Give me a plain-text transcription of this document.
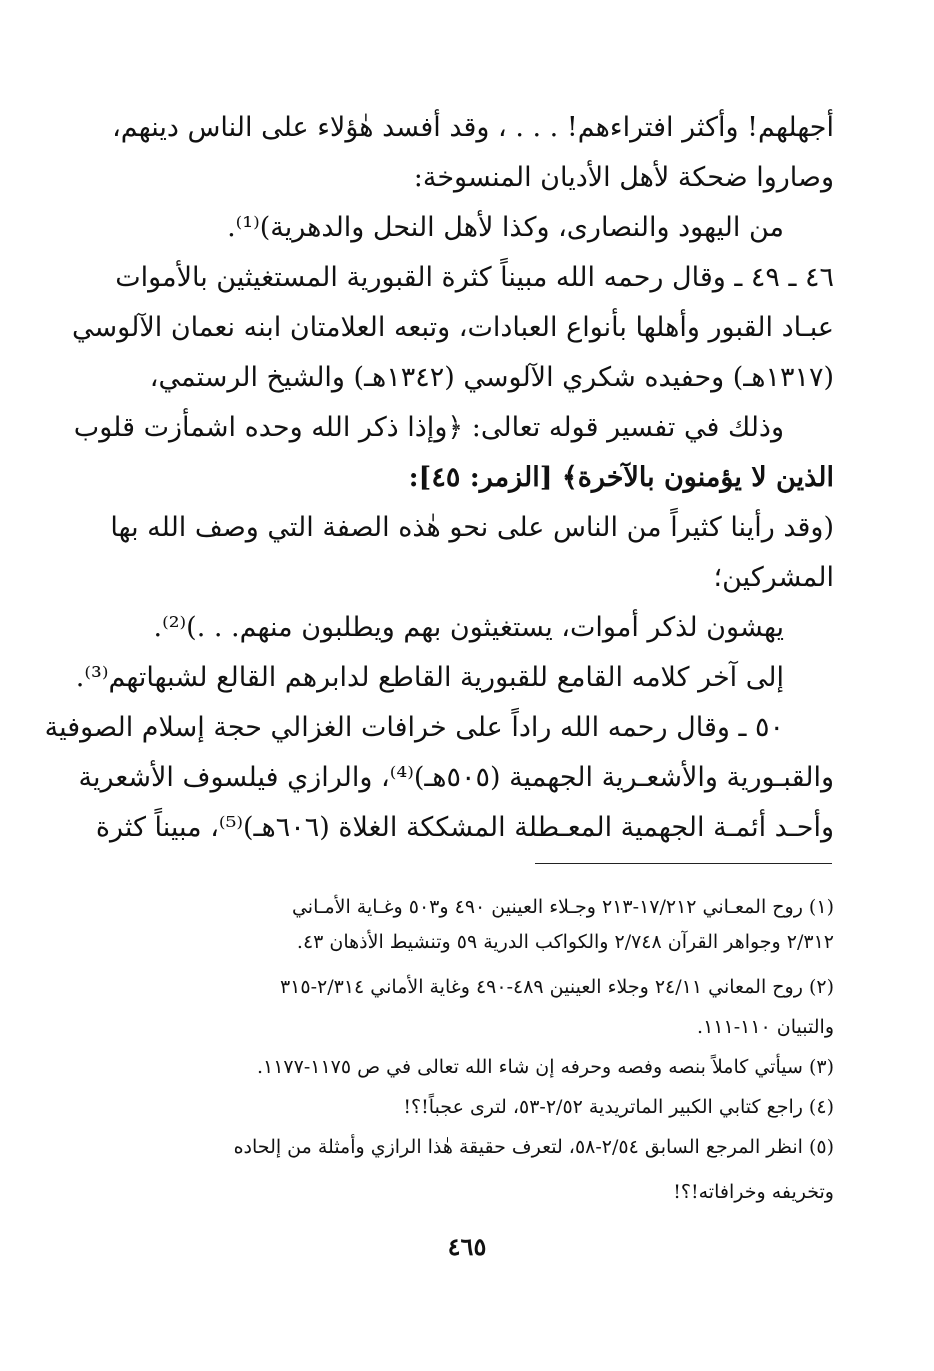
أجهلهم! وأكثر افتراءهم! . . . ، وقد أفسد هٰؤلاء على الناس دينهم،
وصاروا ضحكة لأهل الأديان المنسوخة:
من اليهود والنصارى، وكذا لأهل النحل والدهرية)⁽¹⁾.
٤٦ ـ ٤٩ ـ وقال رحمه الله مبيناً كثرة القبورية المستغيثين بالأموات
عبـاد القبور وأهلها بأنواع العبادات، وتبعه العلامتان ابنه نعمان الآلوسي
(١٣١٧هـ) وحفيده شكري الآلوسي (١٣٤٢هـ) والشيخ الرستمي،
وذلك في تفسير قوله تعالى: ﴿وإذا ذكر الله وحده اشمأزت قلوب
الذين لا يؤمنون بالآخرة﴾ [الزمر: ٤٥]:
(وقد رأينا كثيراً من الناس على نحو هٰذه الصفة التي وصف الله بها
المشركين؛
يهشون لذكر أموات، يستغيثون بهم ويطلبون منهم. . .)⁽²⁾.
إلى آخر كلامه القامع للقبورية القاطع لدابرهم القالع لشبهاتهم⁽³⁾.
٥٠ ـ وقال رحمه الله راداً على خرافات الغزالي حجة إسلام الصوفية
والقبـورية والأشعـرية الجهمية (٥٠٥هـ)⁽⁴⁾، والرازي فيلسوف الأشعرية
وأحـد أئمـة الجهمية المعـطلة المشككة الغلاة (٦٠٦هـ)⁽⁵⁾، مبيناً كثرة
(١) روح المعـاني ١٧/٢١٢-٢١٣ وجـلاء العينين ٤٩٠ و٥٠٣ وغـاية الأمـاني
٢/٣١٢ وجواهر القرآن ٢/٧٤٨ والكواكب الدرية ٥٩ وتنشيط الأذهان ٤٣.
(٢) روح المعاني ٢٤/١١ وجلاء العينين ٤٨٩-٤٩٠ وغاية الأماني ٢/٣١٤-٣١٥
والتبيان ١١٠-١١١.
(٣) سيأتي كاملاً بنصه وفصه وحرفه إن شاء الله تعالى في ص ١١٧٥-١١٧٧.
(٤) راجع كتابي الكبير الماتريدية ٢/٥٢-٥٣، لترى عجباً!؟!
(٥) انظر المرجع السابق ٢/٥٤-٥٨، لتعرف حقيقة هٰذا الرازي وأمثلة من إلحاده
وتخريفه وخرافاته!؟!
٤٦٥
